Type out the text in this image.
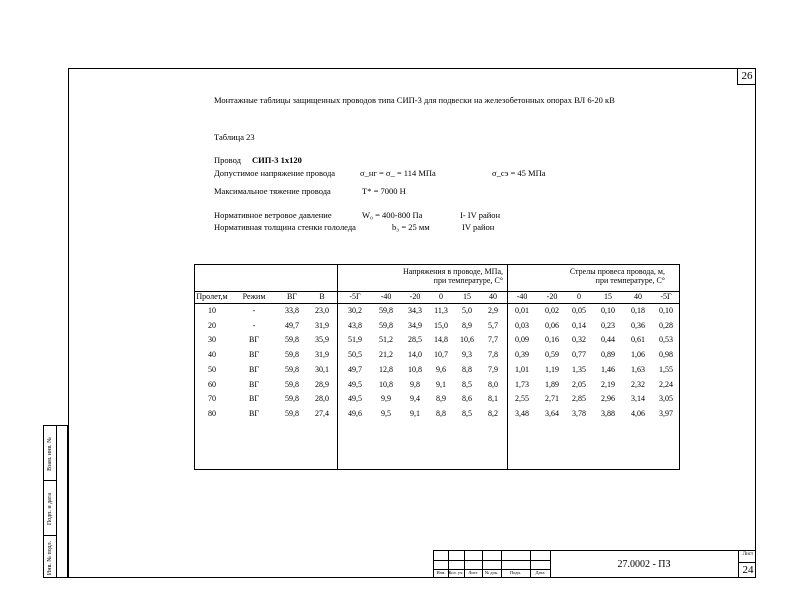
26
Монтажные таблицы защищенных проводов типа СИП-3 для подвески на железобетонных опорах ВЛ 6-20 кВ
Таблица 23
Провод СИП-3 1х120
Допустимое напряжение провода	σ_нг = σ_ = 114 МПа	σ_сэ = 45 МПа
Максимальное тяжение провода	Т* = 7000 Н
Нормативное ветровое давление	W₀ = 400-800 Па	I- IV район
Нормативная толщина стенки гололеда	b₃ = 25 мм	IV район
Напряжения в проводе, МПа,
при температуре, С°
Стрелы провеса провода, м,
при температуре, С°
Пролет,м	Режим	ВГ	В	-5Г	-40	-20	0	15	40	-40	-20	0	15	40	-5Г
10	-	33,8	23,0	30,2	59,8	34,3	11,3	5,0	2,9	0,01	0,02	0,05	0,10	0,18	0,10
20	-	49,7	31,9	43,8	59,8	34,9	15,0	8,9	5,7	0,03	0,06	0,14	0,23	0,36	0,28
30	ВГ	59,8	35,9	51,9	51,2	28,5	14,8	10,6	7,7	0,09	0,16	0,32	0,44	0,61	0,53
40	ВГ	59,8	31,9	50,5	21,2	14,0	10,7	9,3	7,8	0,39	0,59	0,77	0,89	1,06	0,98
50	ВГ	59,8	30,1	49,7	12,8	10,8	9,6	8,8	7,9	1,01	1,19	1,35	1,46	1,63	1,55
60	ВГ	59,8	28,9	49,5	10,8	9,8	9,1	8,5	8,0	1,73	1,89	2,05	2,19	2,32	2,24
70	ВГ	59,8	28,0	49,5	9,9	9,4	8,9	8,6	8,1	2,55	2,71	2,85	2,96	3,14	3,05
80	ВГ	59,8	27,4	49,6	9,5	9,1	8,8	8,5	8,2	3,48	3,64	3,78	3,88	4,06	3,97
Взам. инв. №
Подп. и дата
Инв. № подл.	Изм. Кол. уч.	Лист	№ док.	Подп.	Дата
27.0002 - ПЗ
Лист
24
